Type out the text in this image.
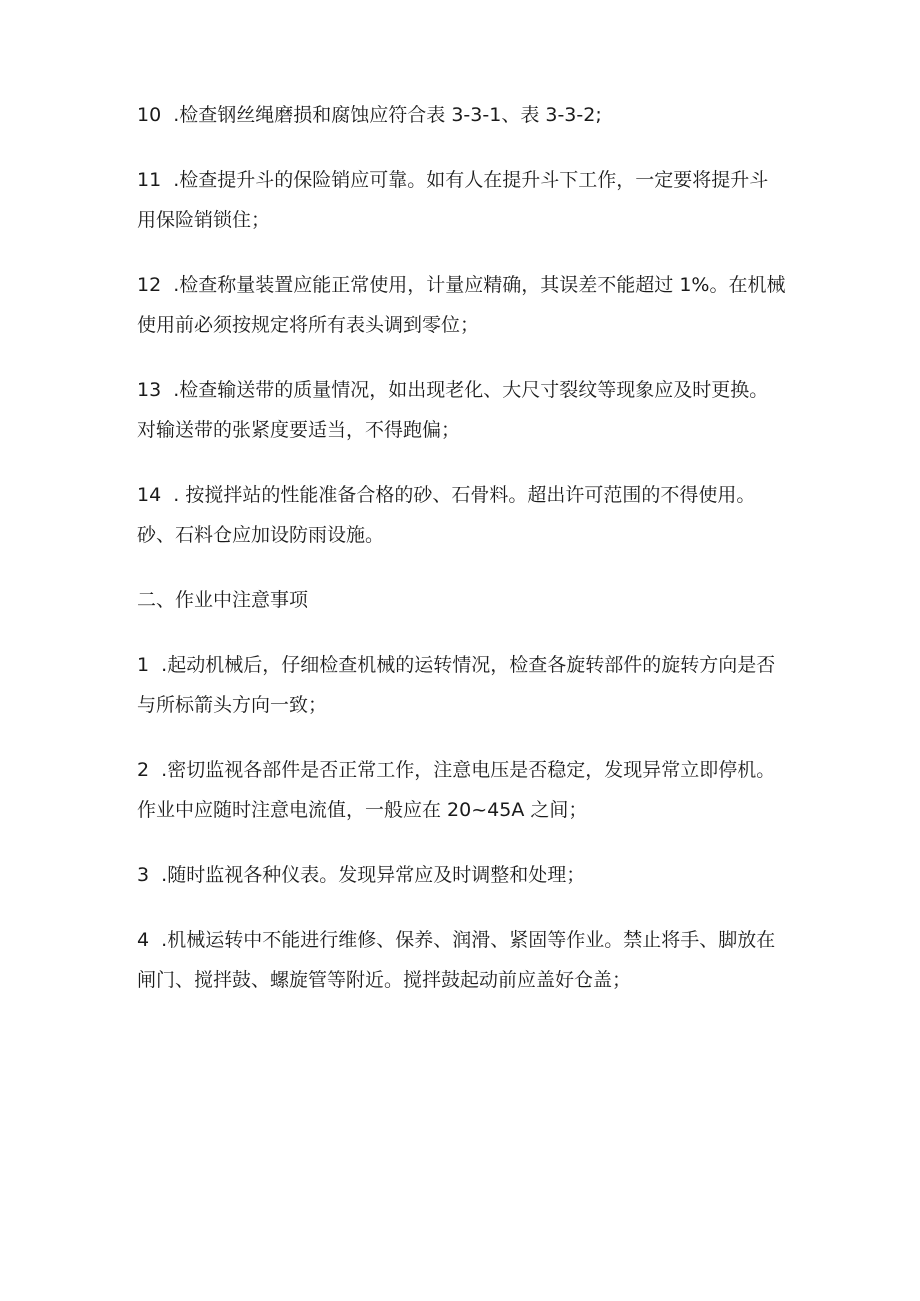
10  .检查钢丝绳磨损和腐蚀应符合表 3-3-1、表 3-3-2;

11  .检查提升斗的保险销应可靠。如有人在提升斗下工作，一定要将提升斗用保险销锁住；

12  .检查称量装置应能正常使用，计量应精确，其误差不能超过 1%。在机械使用前必须按规定将所有表头调到零位；

13  .检查输送带的质量情况，如出现老化、大尺寸裂纹等现象应及时更换。对输送带的张紧度要适当，不得跑偏；

14  . 按搅拌站的性能准备合格的砂、石骨料。超出许可范围的不得使用。砂、石料仓应加设防雨设施。

二、作业中注意事项

1  .起动机械后，仔细检查机械的运转情况，检查各旋转部件的旋转方向是否与所标箭头方向一致；

2  .密切监视各部件是否正常工作，注意电压是否稳定，发现异常立即停机。作业中应随时注意电流值，一般应在 20~45A 之间；

3  .随时监视各种仪表。发现异常应及时调整和处理；

4  .机械运转中不能进行维修、保养、润滑、紧固等作业。禁止将手、脚放在闸门、搅拌鼓、螺旋管等附近。搅拌鼓起动前应盖好仓盖；
